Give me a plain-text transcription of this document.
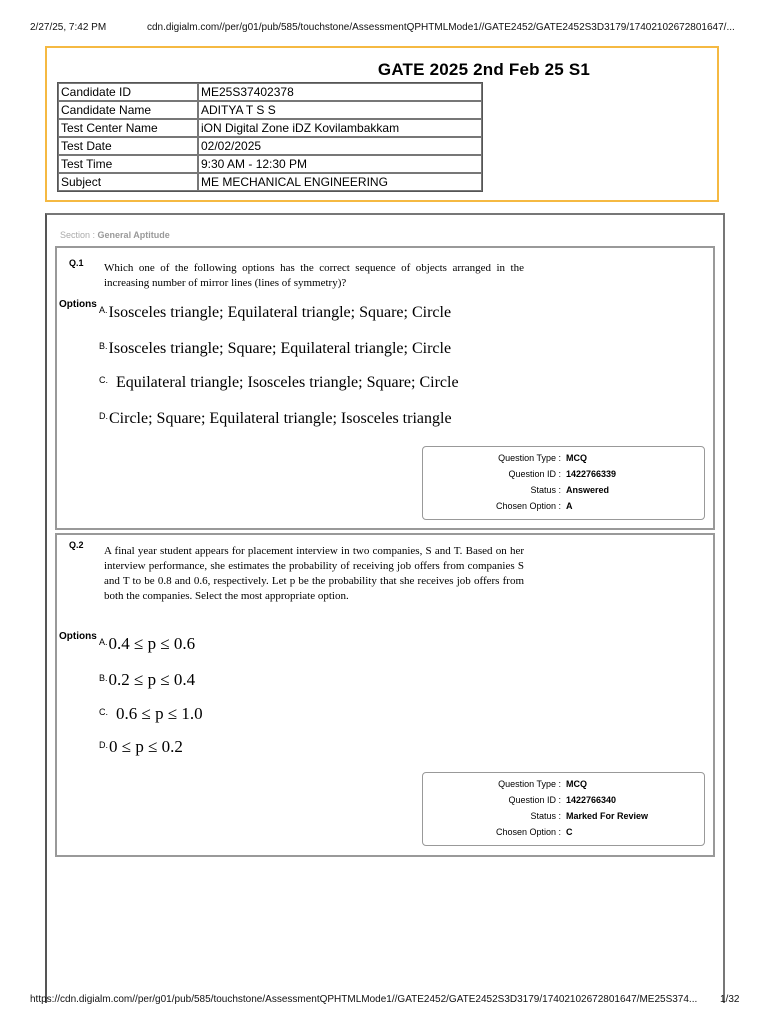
2/27/25, 7:42 PM	cdn.digialm.com//per/g01/pub/585/touchstone/AssessmentQPHTMLMode1//GATE2452/GATE2452S3D3179/17402102672801647/...
GATE 2025 2nd Feb 25 S1
Candidate ID	ME25S37402378
Candidate Name	ADITYA T S S
Test Center Name	iON Digital Zone iDZ Kovilambakkam
Test Date	02/02/2025
Test Time	9:30 AM - 12:30 PM
Subject	ME MECHANICAL ENGINEERING
Section : General Aptitude
Q.1 Which one of the following options has the correct sequence of objects arranged in the increasing number of mirror lines (lines of symmetry)?
Options $^{A.}$Isosceles triangle; Equilateral triangle; Square; Circle
$^{B.}$Isosceles triangle; Square; Equilateral triangle; Circle
$^{C.}$ Equilateral triangle; Isosceles triangle; Square; Circle
$^{D.}$Circle; Square; Equilateral triangle; Isosceles triangle
Question Type : MCQ
Question ID : 1422766339
Status : Answered
Chosen Option : A
Q.2 A final year student appears for placement interview in two companies, S and T. Based on her interview performance, she estimates the probability of receiving job offers from companies S and T to be 0.8 and 0.6, respectively. Let p be the probability that she receives job offers from both the companies. Select the most appropriate option.
Options $^{A.}$0.4 ≤ p ≤ 0.6
$^{B.}$0.2 ≤ p ≤ 0.4
$^{C.}$ 0.6 ≤ p ≤ 1.0
$^{D.}$0 ≤ p ≤ 0.2
Question Type : MCQ
Question ID : 1422766340
Status : Marked For Review
Chosen Option : C
https://cdn.digialm.com//per/g01/pub/585/touchstone/AssessmentQPHTMLMode1//GATE2452/GATE2452S3D3179/17402102672801647/ME25S374... 1/32
